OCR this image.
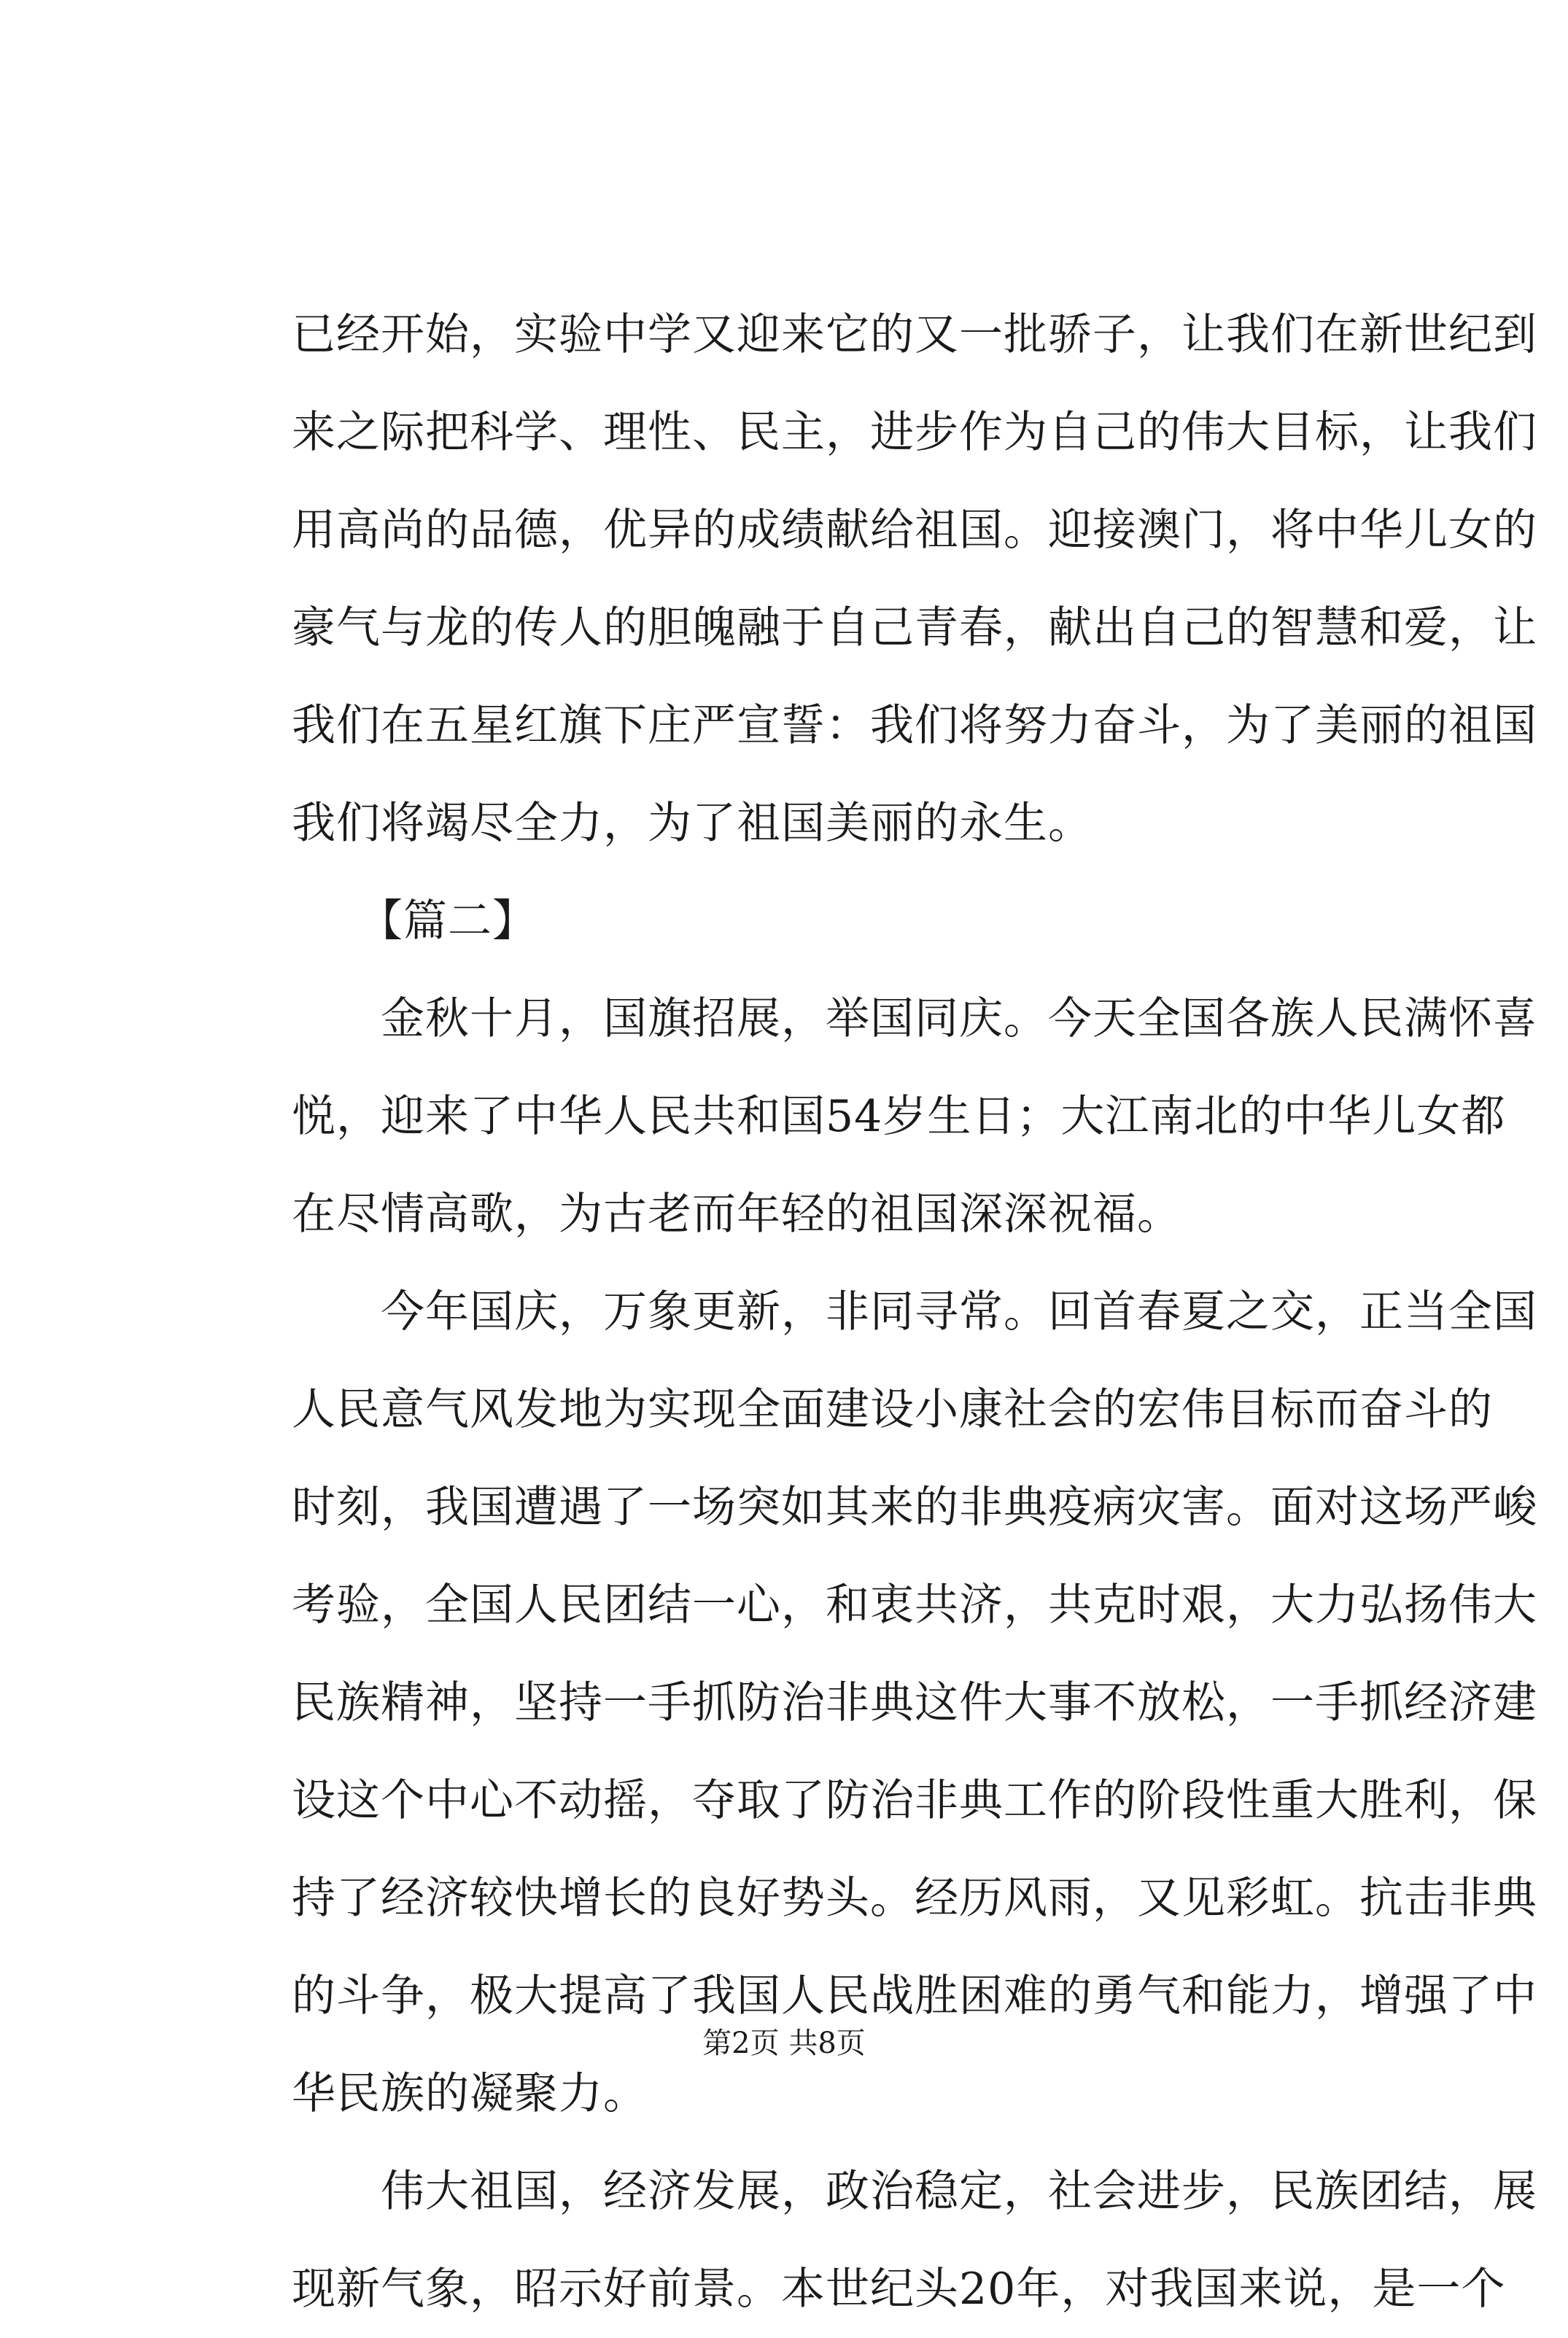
已经开始，实验中学又迎来它的又一批骄子，让我们在新世纪到
来之际把科学、理性、民主，进步作为自己的伟大目标，让我们
用高尚的品德，优异的成绩献给祖国。迎接澳门，将中华儿女的
豪气与龙的传人的胆魄融于自己青春，献出自己的智慧和爱，让
我们在五星红旗下庄严宣誓：我们将努力奋斗，为了美丽的祖国
我们将竭尽全力，为了祖国美丽的永生。
　　【篇二】
　　金秋十月，国旗招展，举国同庆。今天全国各族人民满怀喜
悦，迎来了中华人民共和国54岁生日；大江南北的中华儿女都
在尽情高歌，为古老而年轻的祖国深深祝福。
　　今年国庆，万象更新，非同寻常。回首春夏之交，正当全国
人民意气风发地为实现全面建设小康社会的宏伟目标而奋斗的
时刻，我国遭遇了一场突如其来的非典疫病灾害。面对这场严峻
考验，全国人民团结一心，和衷共济，共克时艰，大力弘扬伟大
民族精神，坚持一手抓防治非典这件大事不放松，一手抓经济建
设这个中心不动摇，夺取了防治非典工作的阶段性重大胜利，保
持了经济较快增长的良好势头。经历风雨，又见彩虹。抗击非典
的斗争，极大提高了我国人民战胜困难的勇气和能力，增强了中
华民族的凝聚力。
　　伟大祖国，经济发展，政治稳定，社会进步，民族团结，展
现新气象，昭示好前景。本世纪头20年，对我国来说，是一个
第2页 共8页
